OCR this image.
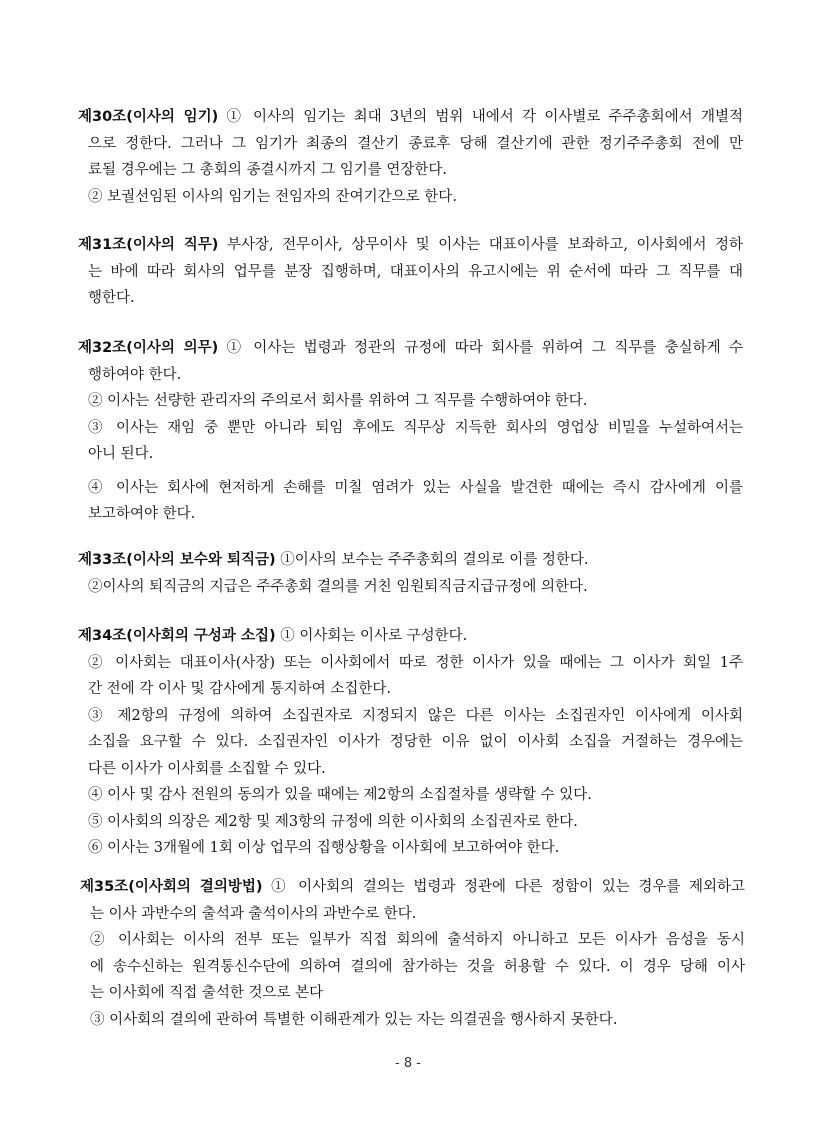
제30조(이사의 임기) ① 이사의 임기는 최대 3년의 범위 내에서 각 이사별로 주주총회에서 개별적
으로 정한다. 그러나 그 임기가 최종의 결산기 종료후 당해 결산기에 관한 정기주주총회 전에 만
료될 경우에는 그 총회의 종결시까지 그 임기를 연장한다.
② 보궐선임된 이사의 임기는 전임자의 잔여기간으로 한다.
제31조(이사의 직무) 부사장, 전무이사, 상무이사 및 이사는 대표이사를 보좌하고, 이사회에서 정하
는 바에 따라 회사의 업무를 분장 집행하며, 대표이사의 유고시에는 위 순서에 따라 그 직무를 대
행한다.
제32조(이사의 의무) ① 이사는 법령과 정관의 규정에 따라 회사를 위하여 그 직무를 충실하게 수
행하여야 한다.
② 이사는 선량한 관리자의 주의로서 회사를 위하여 그 직무를 수행하여야 한다.
③ 이사는 재임 중 뿐만 아니라 퇴임 후에도 직무상 지득한 회사의 영업상 비밀을 누설하여서는
아니 된다.
④ 이사는 회사에 현저하게 손해를 미칠 염려가 있는 사실을 발견한 때에는 즉시 감사에게 이를
보고하여야 한다.
제33조(이사의 보수와 퇴직금) ①이사의 보수는 주주총회의 결의로 이를 정한다.
②이사의 퇴직금의 지급은 주주총회 결의를 거친 임원퇴직금지급규정에 의한다.
제34조(이사회의 구성과 소집) ① 이사회는 이사로 구성한다.
② 이사회는 대표이사(사장) 또는 이사회에서 따로 정한 이사가 있을 때에는 그 이사가 회일 1주
간 전에 각 이사 및 감사에게 통지하여 소집한다.
③ 제2항의 규정에 의하여 소집권자로 지정되지 않은 다른 이사는 소집권자인 이사에게 이사회
소집을 요구할 수 있다. 소집권자인 이사가 정당한 이유 없이 이사회 소집을 거절하는 경우에는
다른 이사가 이사회를 소집할 수 있다.
④ 이사 및 감사 전원의 동의가 있을 때에는 제2항의 소집절차를 생략할 수 있다.
⑤ 이사회의 의장은 제2항 및 제3항의 규정에 의한 이사회의 소집권자로 한다.
⑥ 이사는 3개월에 1회 이상 업무의 집행상황을 이사회에 보고하여야 한다.
제35조(이사회의 결의방법) ① 이사회의 결의는 법령과 정관에 다른 정함이 있는 경우를 제외하고
는 이사 과반수의 출석과 출석이사의 과반수로 한다.
② 이사회는 이사의 전부 또는 일부가 직접 회의에 출석하지 아니하고 모든 이사가 음성을 동시
에 송수신하는 원격통신수단에 의하여 결의에 참가하는 것을 허용할 수 있다. 이 경우 당해 이사
는 이사회에 직접 출석한 것으로 본다
③ 이사회의 결의에 관하여 특별한 이해관계가 있는 자는 의결권을 행사하지 못한다.
- 8 -
